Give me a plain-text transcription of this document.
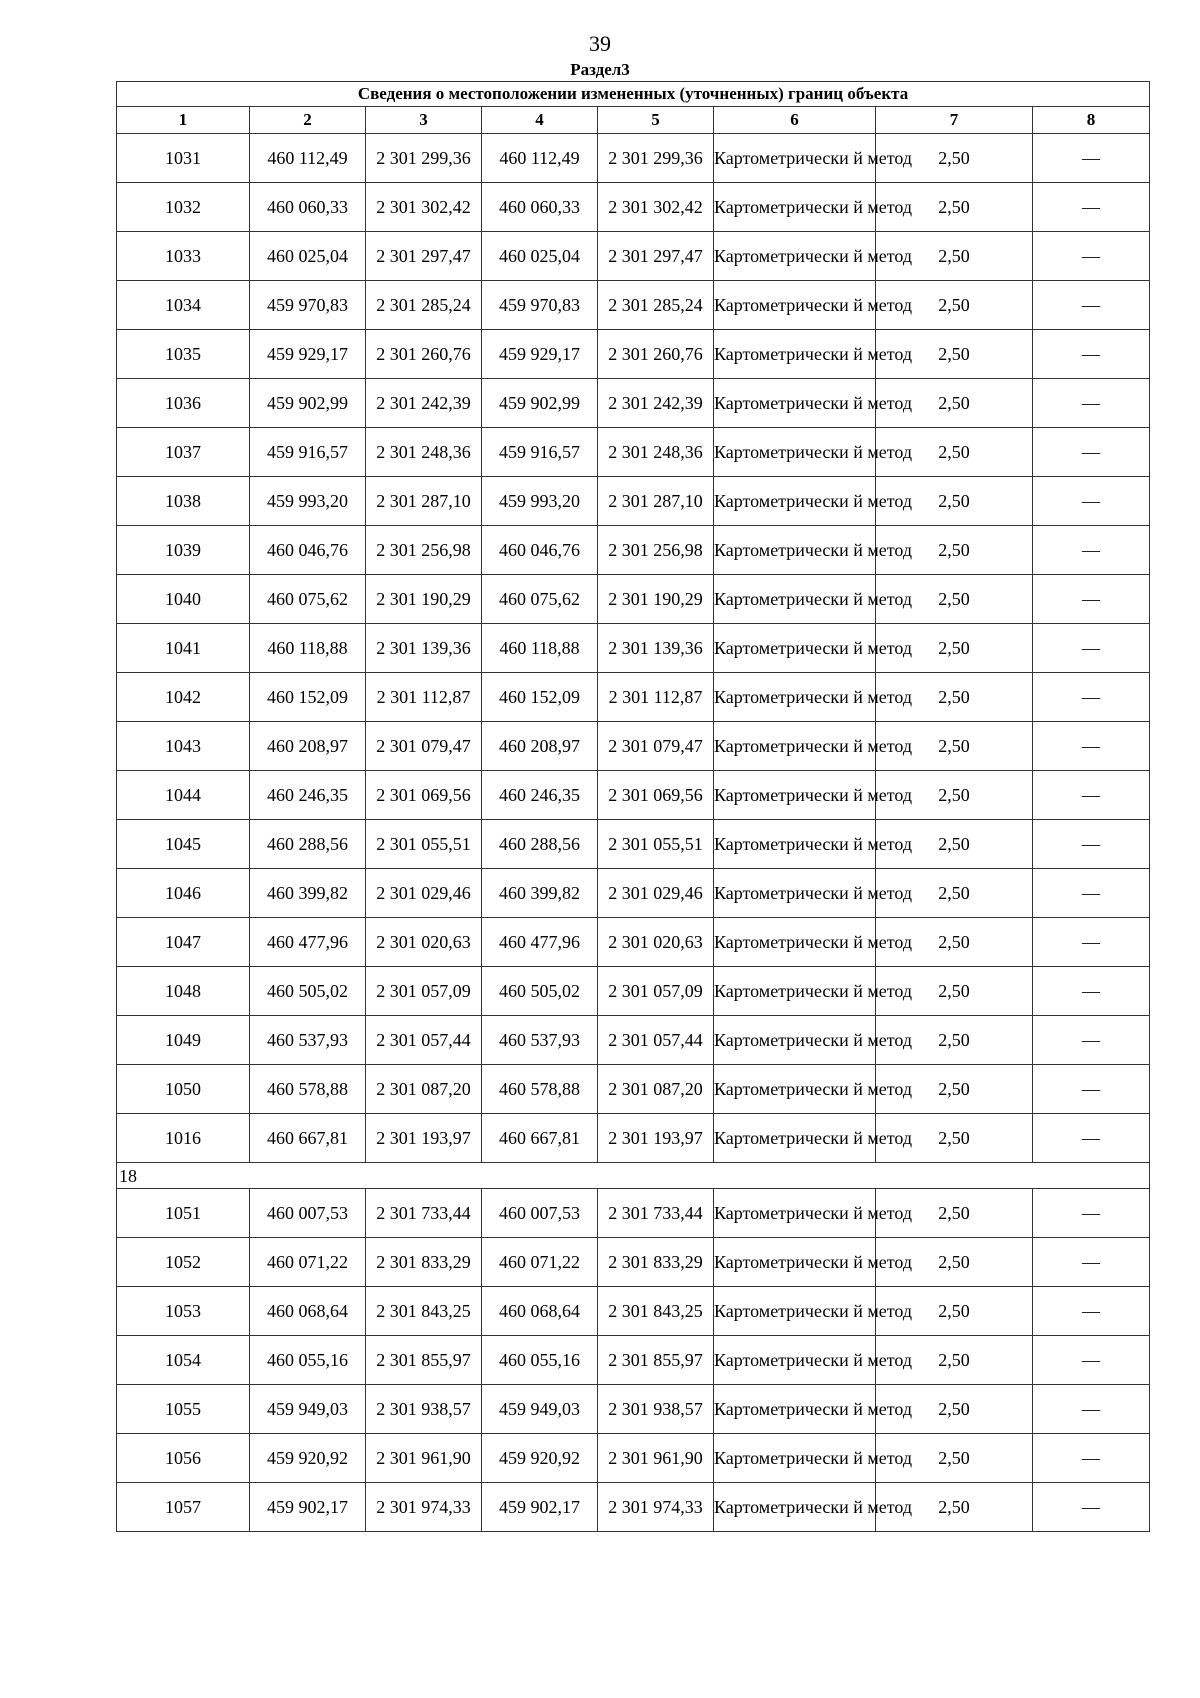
39
Раздел3
Сведения о местоположении измененных (уточненных) границ объекта							
1	2	3	4	5	6	7	8
1031	460 112,49	2 301 299,36	460 112,49	2 301 299,36	Картометрически й метод	2,50	—
1032	460 060,33	2 301 302,42	460 060,33	2 301 302,42	Картометрически й метод	2,50	—
1033	460 025,04	2 301 297,47	460 025,04	2 301 297,47	Картометрически й метод	2,50	—
1034	459 970,83	2 301 285,24	459 970,83	2 301 285,24	Картометрически й метод	2,50	—
1035	459 929,17	2 301 260,76	459 929,17	2 301 260,76	Картометрически й метод	2,50	—
1036	459 902,99	2 301 242,39	459 902,99	2 301 242,39	Картометрически й метод	2,50	—
1037	459 916,57	2 301 248,36	459 916,57	2 301 248,36	Картометрически й метод	2,50	—
1038	459 993,20	2 301 287,10	459 993,20	2 301 287,10	Картометрически й метод	2,50	—
1039	460 046,76	2 301 256,98	460 046,76	2 301 256,98	Картометрически й метод	2,50	—
1040	460 075,62	2 301 190,29	460 075,62	2 301 190,29	Картометрически й метод	2,50	—
1041	460 118,88	2 301 139,36	460 118,88	2 301 139,36	Картометрически й метод	2,50	—
1042	460 152,09	2 301 112,87	460 152,09	2 301 112,87	Картометрически й метод	2,50	—
1043	460 208,97	2 301 079,47	460 208,97	2 301 079,47	Картометрически й метод	2,50	—
1044	460 246,35	2 301 069,56	460 246,35	2 301 069,56	Картометрически й метод	2,50	—
1045	460 288,56	2 301 055,51	460 288,56	2 301 055,51	Картометрически й метод	2,50	—
1046	460 399,82	2 301 029,46	460 399,82	2 301 029,46	Картометрически й метод	2,50	—
1047	460 477,96	2 301 020,63	460 477,96	2 301 020,63	Картометрически й метод	2,50	—
1048	460 505,02	2 301 057,09	460 505,02	2 301 057,09	Картометрически й метод	2,50	—
1049	460 537,93	2 301 057,44	460 537,93	2 301 057,44	Картометрически й метод	2,50	—
1050	460 578,88	2 301 087,20	460 578,88	2 301 087,20	Картометрически й метод	2,50	—
1016	460 667,81	2 301 193,97	460 667,81	2 301 193,97	Картометрически й метод	2,50	—
18							
1051	460 007,53	2 301 733,44	460 007,53	2 301 733,44	Картометрически й метод	2,50	—
1052	460 071,22	2 301 833,29	460 071,22	2 301 833,29	Картометрически й метод	2,50	—
1053	460 068,64	2 301 843,25	460 068,64	2 301 843,25	Картометрически й метод	2,50	—
1054	460 055,16	2 301 855,97	460 055,16	2 301 855,97	Картометрически й метод	2,50	—
1055	459 949,03	2 301 938,57	459 949,03	2 301 938,57	Картометрически й метод	2,50	—
1056	459 920,92	2 301 961,90	459 920,92	2 301 961,90	Картометрически й метод	2,50	—
1057	459 902,17	2 301 974,33	459 902,17	2 301 974,33	Картометрически й метод	2,50	—
